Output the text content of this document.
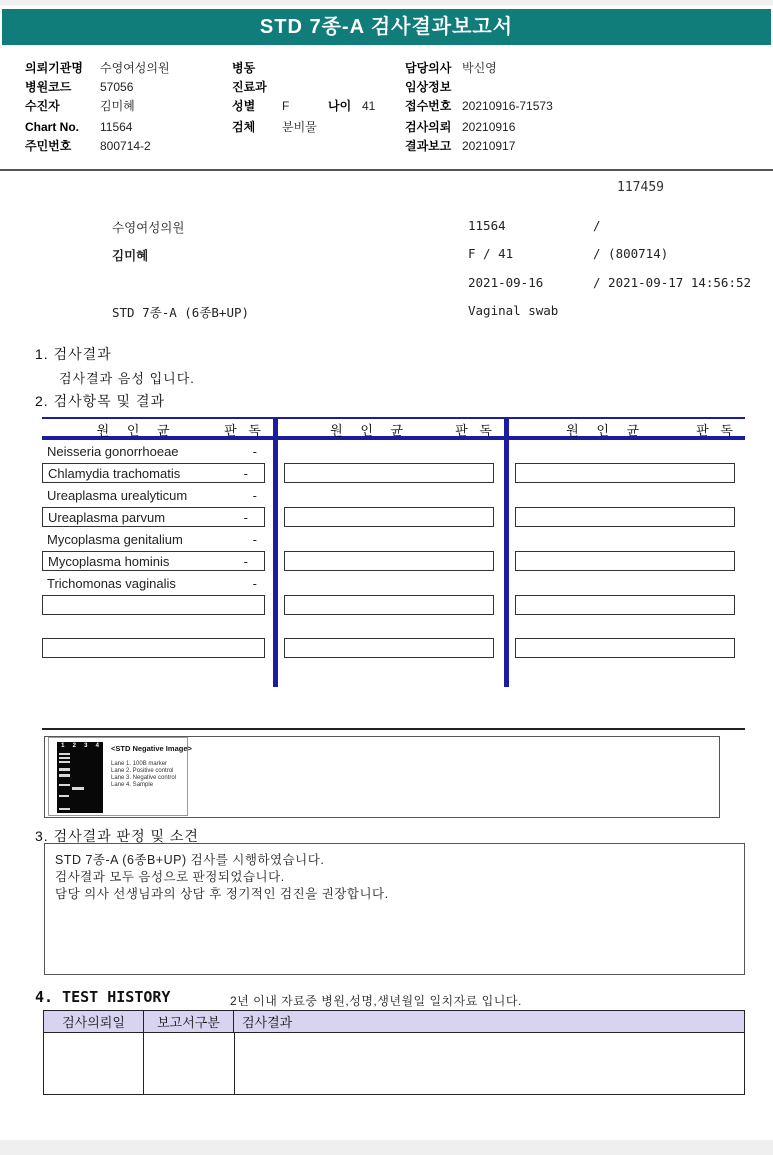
STD 7종-A 검사결과보고서
의뢰기관명	수영여성의원
병원코드	57056
수진자	김미혜
Chart No.	11564
주민번호	800714-2
병동
진료과
성별	F	나이 41
검체	분비물
담당의사 박신영
임상정보
접수번호 20210916-71573
검사의뢰 20210916
결과보고 20210917
117459
수영여성의원	11564	/
김미혜	F / 41	/ (800714)
2021-09-16	/ 2021-09-17 14:56:52
STD 7종-A (6종B+UP)	Vaginal swab
1. 검사결과
검사결과 음성 입니다.
2. 검사항목 및 결과
원 인 균	판 독
Neisseria gonorrhoeae	-
Chlamydia trachomatis	-
Ureaplasma urealyticum	-
Ureaplasma parvum	-
Mycoplasma genitalium	-
Mycoplasma hominis	-
Trichomonas vaginalis	-
원 인 균	판 독	원 인 균	판 독
1 2 3 4 <STD Negative Image>
Lane 1. 100B marker
Lane 2. Positive control
Lane 3. Negative control
Lane 4. Sample
3. 검사결과 판정 및 소견
STD 7종-A (6종B+UP) 검사를 시행하였습니다.
검사결과 모두 음성으로 판정되었습니다.
담당 의사 선생님과의 상담 후 정기적인 검진을 권장합니다.
4. TEST HISTORY	2년 이내 자료중 병원,성명,생년월일 일치자료 입니다.
검사의뢰일	보고서구분	검사결과
